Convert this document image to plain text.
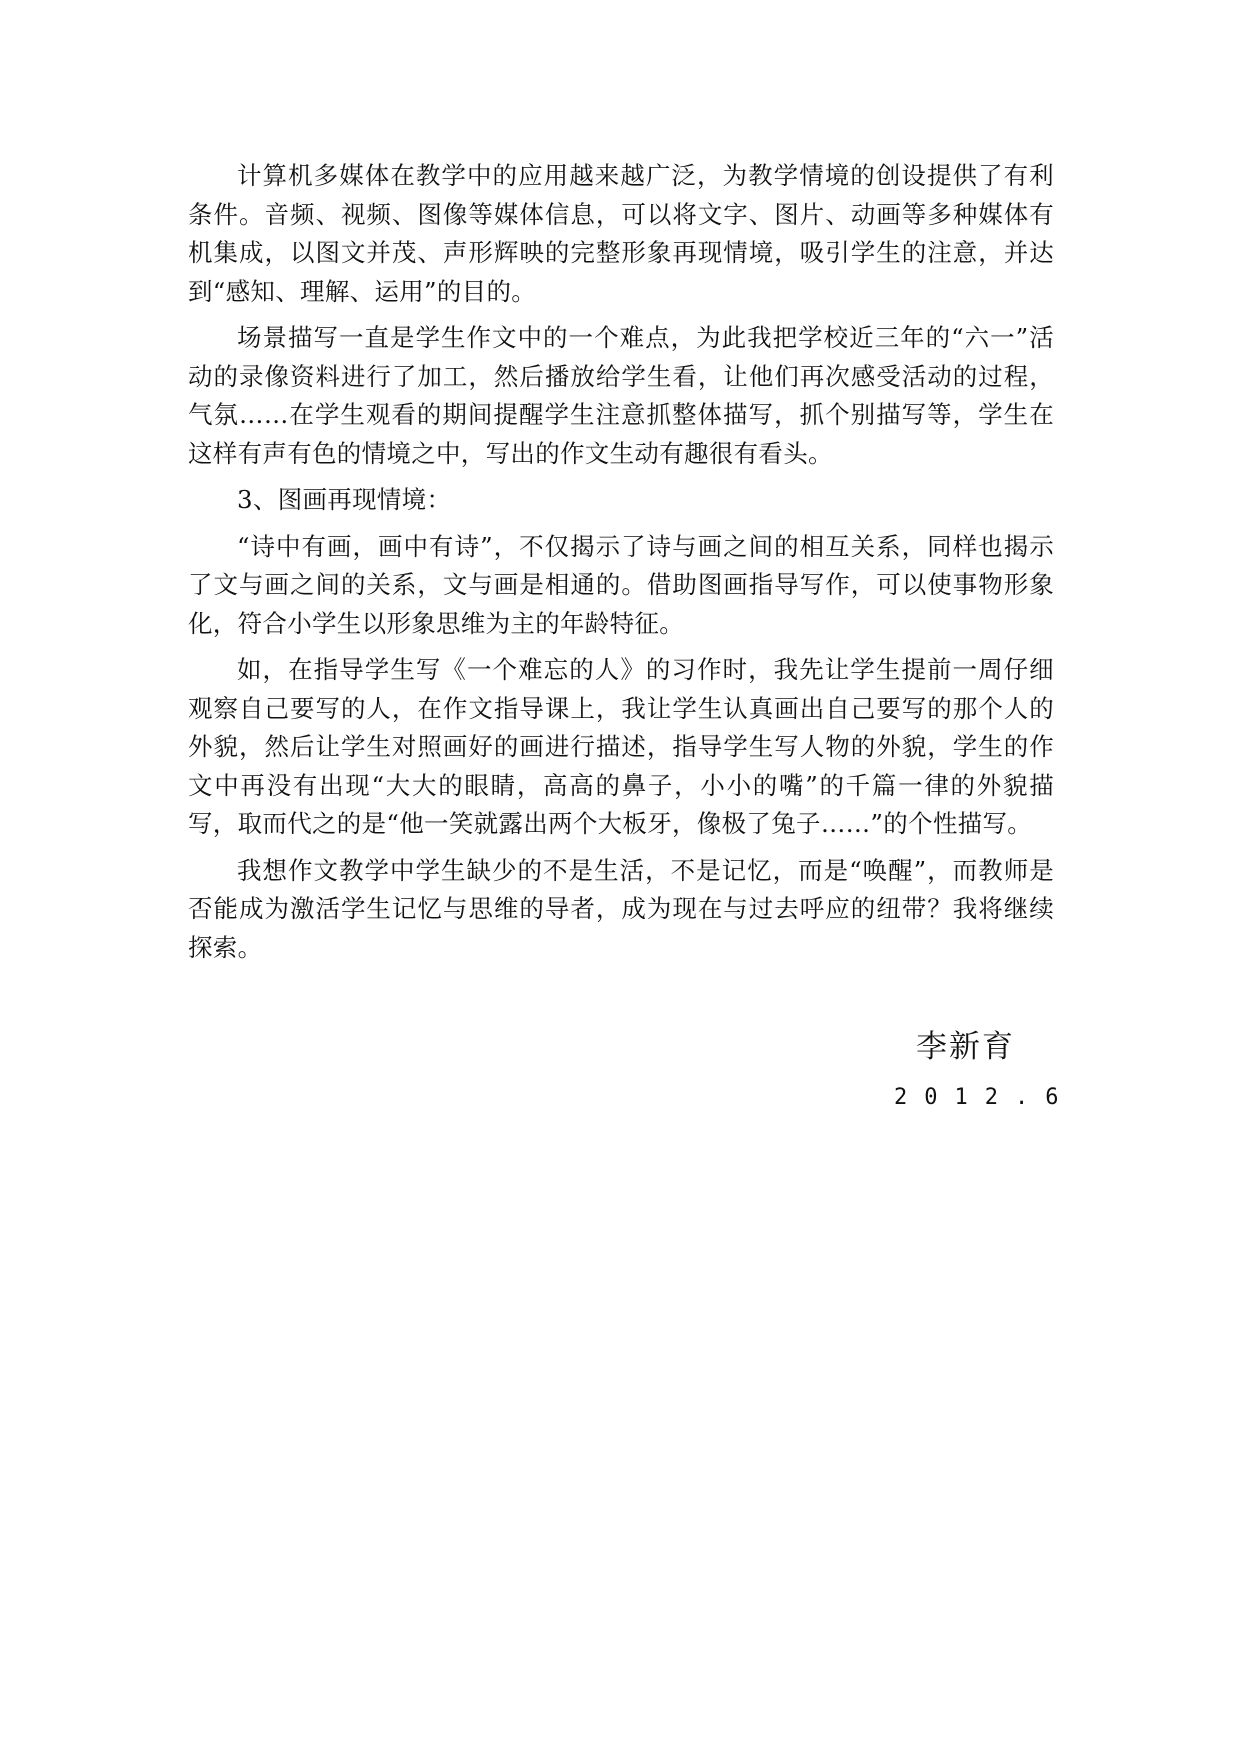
计算机多媒体在教学中的应用越来越广泛，为教学情境的创设提供了有利条件。音频、视频、图像等媒体信息，可以将文字、图片、动画等多种媒体有机集成，以图文并茂、声形辉映的完整形象再现情境，吸引学生的注意，并达到“感知、理解、运用”的目的。

场景描写一直是学生作文中的一个难点，为此我把学校近三年的“六一”活动的录像资料进行了加工，然后播放给学生看，让他们再次感受活动的过程，气氛……在学生观看的期间提醒学生注意抓整体描写，抓个别描写等，学生在这样有声有色的情境之中，写出的作文生动有趣很有看头。

3、图画再现情境：

“诗中有画，画中有诗”，不仅揭示了诗与画之间的相互关系，同样也揭示了文与画之间的关系，文与画是相通的。借助图画指导写作，可以使事物形象化，符合小学生以形象思维为主的年龄特征。

如，在指导学生写《一个难忘的人》的习作时，我先让学生提前一周仔细观察自己要写的人，在作文指导课上，我让学生认真画出自己要写的那个人的外貌，然后让学生对照画好的画进行描述，指导学生写人物的外貌，学生的作文中再没有出现“大大的眼睛，高高的鼻子，小小的嘴”的千篇一律的外貌描写，取而代之的是“他一笑就露出两个大板牙，像极了兔子……”的个性描写。

我想作文教学中学生缺少的不是生活，不是记忆，而是“唤醒”，而教师是否能成为激活学生记忆与思维的导者，成为现在与过去呼应的纽带？我将继续探索。

李新育
2012.6
